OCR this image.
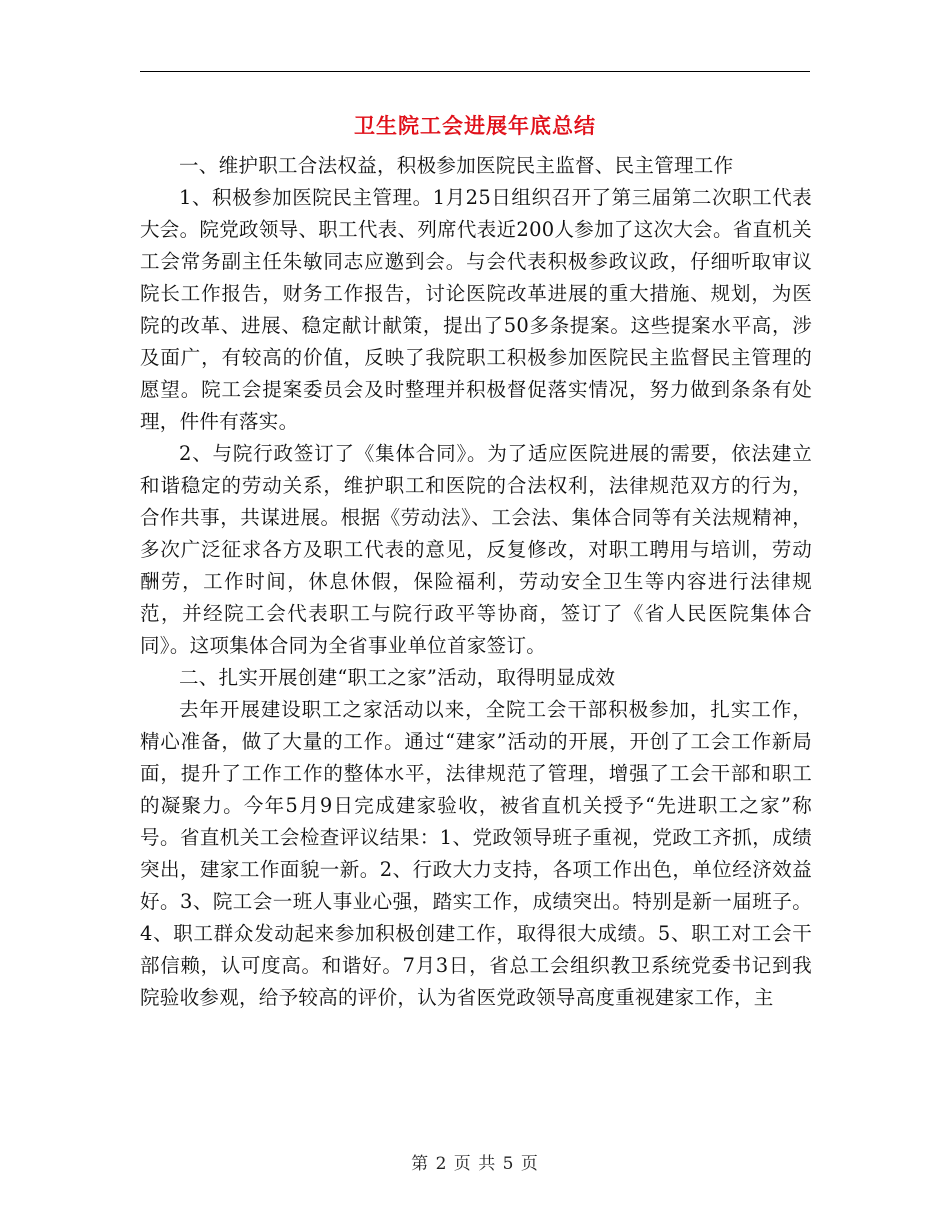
卫生院工会进展年底总结

一、维护职工合法权益，积极参加医院民主监督、民主管理工作

1、积极参加医院民主管理。1月25日组织召开了第三届第二次职工代表大会。院党政领导、职工代表、列席代表近200人参加了这次大会。省直机关工会常务副主任朱敏同志应邀到会。与会代表积极参政议政，仔细听取审议院长工作报告，财务工作报告，讨论医院改革进展的重大措施、规划，为医院的改革、进展、稳定献计献策，提出了50多条提案。这些提案水平高，涉及面广，有较高的价值，反映了我院职工积极参加医院民主监督民主管理的愿望。院工会提案委员会及时整理并积极督促落实情况，努力做到条条有处理，件件有落实。

2、与院行政签订了《集体合同》。为了适应医院进展的需要，依法建立和谐稳定的劳动关系，维护职工和医院的合法权利，法律规范双方的行为，合作共事，共谋进展。根据《劳动法》、工会法、集体合同等有关法规精神，多次广泛征求各方及职工代表的意见，反复修改，对职工聘用与培训，劳动酬劳，工作时间，休息休假，保险福利，劳动安全卫生等内容进行法律规范，并经院工会代表职工与院行政平等协商，签订了《省人民医院集体合同》。这项集体合同为全省事业单位首家签订。

二、扎实开展创建“职工之家”活动，取得明显成效

去年开展建设职工之家活动以来，全院工会干部积极参加，扎实工作，精心准备，做了大量的工作。通过“建家”活动的开展，开创了工会工作新局面，提升了工作工作的整体水平，法律规范了管理，增强了工会干部和职工的凝聚力。今年5月9日完成建家验收，被省直机关授予“先进职工之家”称号。省直机关工会检查评议结果：1、党政领导班子重视，党政工齐抓，成绩突出，建家工作面貌一新。2、行政大力支持，各项工作出色，单位经济效益好。3、院工会一班人事业心强，踏实工作，成绩突出。特别是新一届班子。4、职工群众发动起来参加积极创建工作，取得很大成绩。5、职工对工会干部信赖，认可度高。和谐好。7月3日，省总工会组织教卫系统党委书记到我院验收参观，给予较高的评价，认为省医党政领导高度重视建家工作，主

第 2 页 共 5 页
